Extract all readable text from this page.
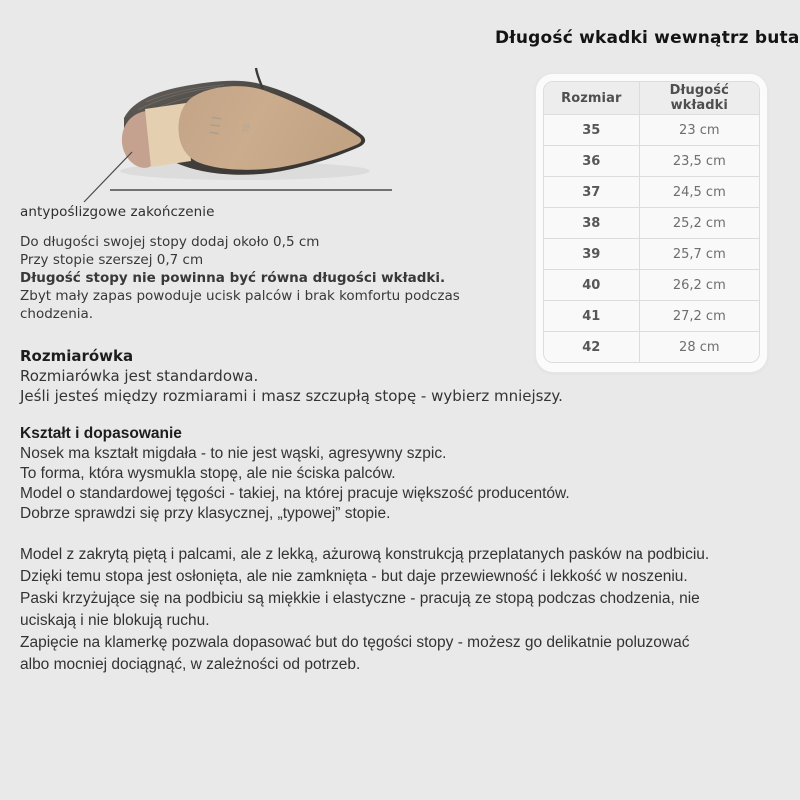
❙❙❙ 38
antypoślizgowe zakończenie
Do długości swojej stopy dodaj około 0,5 cm
Przy stopie szerszej 0,7 cm
Długość stopy nie powinna być równa długości wkładki.
Zbyt mały zapas powoduje ucisk palców i brak komfortu podczas
chodzenia.
Długość wkadki wewnątrz buta
Rozmiar	Długość wkładki
35	23 cm
36	23,5 cm
37	24,5 cm
38	25,2 cm
39	25,7 cm
40	26,2 cm
41	27,2 cm
42	28 cm
Rozmiarówka
Rozmiarówka jest standardowa.
Jeśli jesteś między rozmiarami i masz szczupłą stopę - wybierz mniejszy.
Kształt i dopasowanie
Nosek ma kształt migdała - to nie jest wąski, agresywny szpic.
To forma, która wysmukla stopę, ale nie ściska palców.
Model o standardowej tęgości - takiej, na której pracuje większość producentów.
Dobrze sprawdzi się przy klasycznej, „typowej” stopie.
Model z zakrytą piętą i palcami, ale z lekką, ażurową konstrukcją przeplatanych pasków na podbiciu.
Dzięki temu stopa jest osłonięta, ale nie zamknięta - but daje przewiewność i lekkość w noszeniu.
Paski krzyżujące się na podbiciu są miękkie i elastyczne - pracują ze stopą podczas chodzenia, nie
uciskają i nie blokują ruchu.
Zapięcie na klamerkę pozwala dopasować but do tęgości stopy - możesz go delikatnie poluzować
albo mocniej dociągnąć, w zależności od potrzeb.
